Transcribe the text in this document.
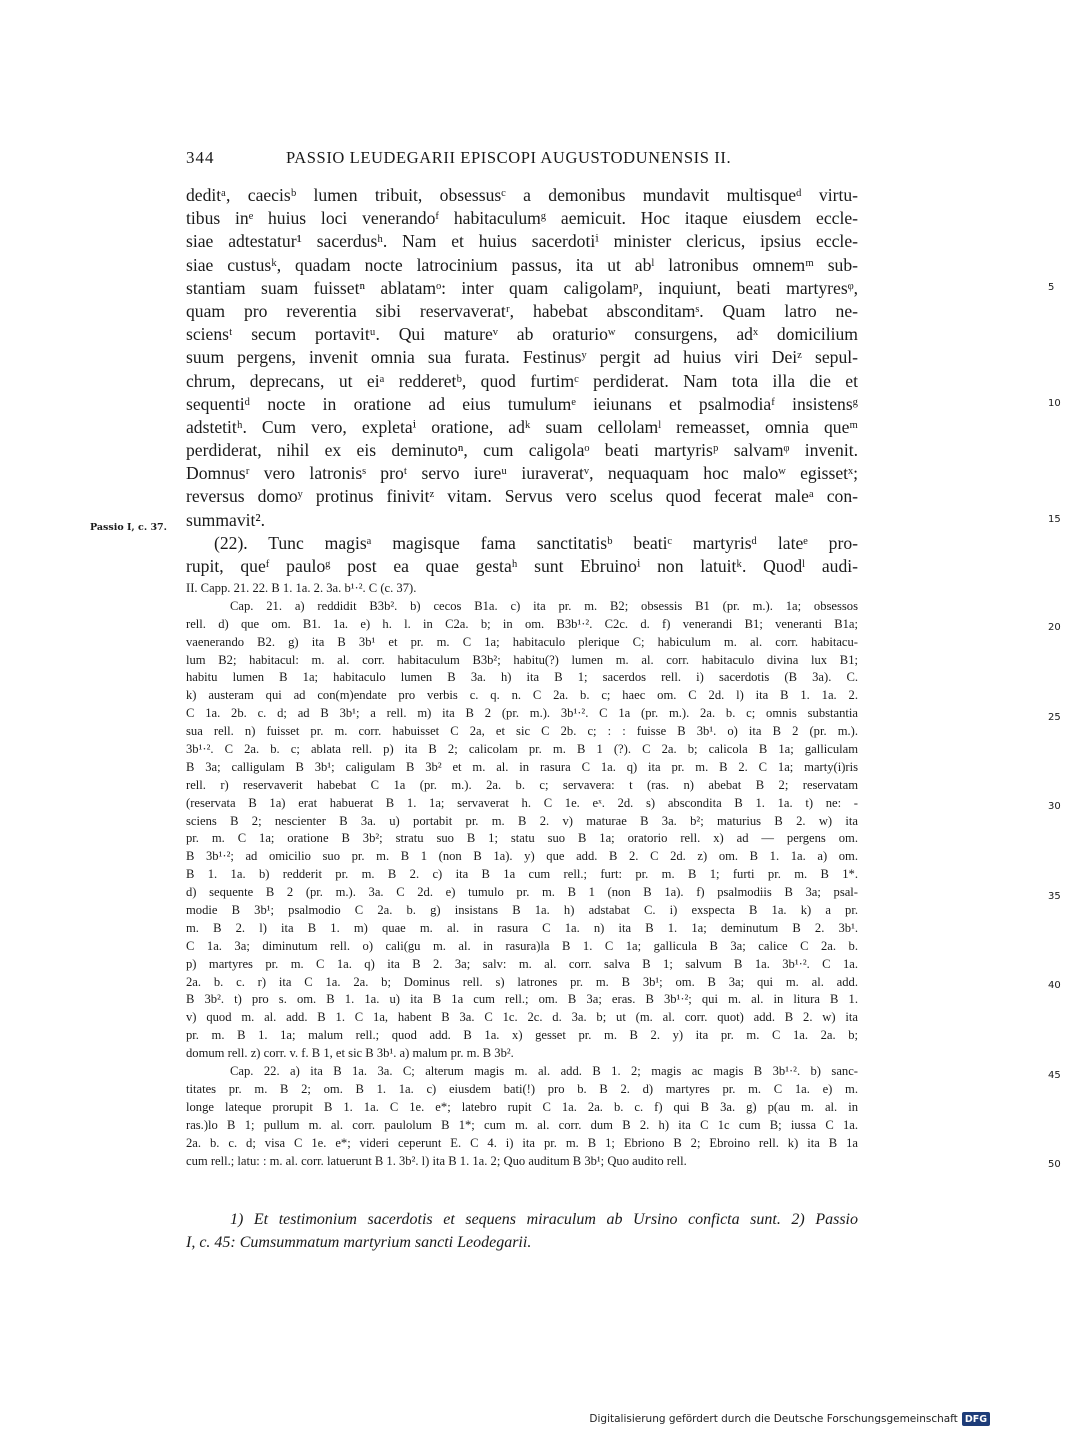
344	PASSIO LEUDEGARII EPISCOPI AUGUSTODUNENSIS II.
Passio I, c. 37.
5
10
15
deditᵃ, caecisᵇ lumen tribuit, obsessusᶜ a demonibus mundavit multisqueᵈ virtu-
tibus inᵉ huius loci venerandoᶠ habitaculumᵍ aemicuit. Hoc itaque eiusdem eccle-
siae adtestatur¹ sacerdusʰ. Nam et huius sacerdotiⁱ minister clericus, ipsius eccle-
siae custusᵏ, quadam nocte latrocinium passus, ita ut abˡ latronibus omnemᵐ sub-
stantiam suam fuissetⁿ ablatamᵒ: inter quam caligolamᵖ, inquiunt, beati martyresᵠ,
quam pro reverentia sibi reservaveratʳ, habebat absconditamˢ. Quam latro ne-
sciensᵗ secum portavitᵘ. Qui matureᵛ ab oraturioʷ consurgens, adˣ domicilium
suum pergens, invenit omnia sua furata. Festinusʸ pergit ad huius viri Deiᶻ sepul-
chrum, deprecans, ut eiᵃ redderetᵇ, quod furtimᶜ perdiderat. Nam tota illa die et
sequentiᵈ nocte in oratione ad eius tumulumᵉ ieiunans et psalmodiaᶠ insistensᵍ
adstetitʰ. Cum vero, expletaⁱ oratione, adᵏ suam cellolamˡ remeasset, omnia queᵐ
perdiderat, nihil ex eis deminutoⁿ, cum caligolaᵒ beati martyrisᵖ salvamᵠ invenit.
Domnusʳ vero latronisˢ proᵗ servo iureᵘ iuraveratᵛ, nequaquam hoc maloʷ egissetˣ;
reversus domoʸ protinus finivitᶻ vitam. Servus vero scelus quod fecerat maleᵃ con-
summavit².
(22). Tunc magisᵃ magisque fama sanctitatisᵇ beatiᶜ martyrisᵈ lateᵉ pro-
rupit, queᶠ pauloᵍ post ea quae gestaʰ sunt Ebruinoⁱ non latuitᵏ. Quodˡ audi-
20
25
30
35
40
45
50
II. Capp. 21. 22. B 1. 1a. 2. 3a. b¹·². C (c. 37).
Cap. 21. a) reddidit B3b². b) cecos B1a. c) ita pr. m. B2; obsessis B1 (pr. m.). 1a; obsessos
rell. d) que om. B1. 1a. e) h. l. in C2a. b; in om. B3b¹·². C2c. d. f) venerandi B1; veneranti B1a;
vaenerando B2. g) ita B 3b¹ et pr. m. C 1a; habitaculo plerique C; habiculum m. al. corr. habitacu-
lum B2; habitacul: m. al. corr. habitaculum B3b²; habitu(?) lumen m. al. corr. habitaculo divina lux B1;
habitu lumen B 1a; habitaculo lumen B 3a. h) ita B 1; sacerdos rell. i) sacerdotis (B 3a). C.
k) austeram qui ad con(m)endate pro verbis c. q. n. C 2a. b. c; haec om. C 2d. l) ita B 1. 1a. 2.
C 1a. 2b. c. d; ad B 3b¹; a rell. m) ita B 2 (pr. m.). 3b¹·². C 1a (pr. m.). 2a. b. c; omnis substantia
sua rell. n) fuisset pr. m. corr. habuisset C 2a, et sic C 2b. c; : : fuisse B 3b¹. o) ita B 2 (pr. m.).
3b¹·². C 2a. b. c; ablata rell. p) ita B 2; calicolam pr. m. B 1 (?). C 2a. b; calicola B 1a; galliculam
B 3a; calligulam B 3b¹; caligulam B 3b² et m. al. in rasura C 1a. q) ita pr. m. B 2. C 1a; marty(i)ris
rell. r) reservaverit habebat C 1a (pr. m.). 2a. b. c; servavera: t (ras. n) abebat B 2; reservatam
(reservata B 1a) erat habuerat B 1. 1a; servaverat h. C 1e. eˣ. 2d. s) abscondita B 1. 1a. t) ne: -
sciens B 2; nescienter B 3a. u) portabit pr. m. B 2. v) maturae B 3a. b²; maturius B 2. w) ita
pr. m. C 1a; oratione B 3b²; stratu suo B 1; statu suo B 1a; oratorio rell. x) ad — pergens om.
B 3b¹·²; ad omicilio suo pr. m. B 1 (non B 1a). y) que add. B 2. C 2d. z) om. B 1. 1a. a) om.
B 1. 1a. b) redderit pr. m. B 2. c) ita B 1a cum rell.; furt: pr. m. B 1; furti pr. m. B 1*.
d) sequente B 2 (pr. m.). 3a. C 2d. e) tumulo pr. m. B 1 (non B 1a). f) psalmodiis B 3a; psal-
modie B 3b¹; psalmodio C 2a. b. g) insistans B 1a. h) adstabat C. i) exspecta B 1a. k) a pr.
m. B 2. l) ita B 1. m) quae m. al. in rasura C 1a. n) ita B 1. 1a; deminutum B 2. 3b¹.
C 1a. 3a; diminutum rell. o) cali(gu m. al. in rasura)la B 1. C 1a; gallicula B 3a; calice C 2a. b.
p) martyres pr. m. C 1a. q) ita B 2. 3a; salv: m. al. corr. salva B 1; salvum B 1a. 3b¹·². C 1a.
2a. b. c. r) ita C 1a. 2a. b; Dominus rell. s) latrones pr. m. B 3b¹; om. B 3a; qui m. al. add.
B 3b². t) pro s. om. B 1. 1a. u) ita B 1a cum rell.; om. B 3a; eras. B 3b¹·²; qui m. al. in litura B 1.
v) quod m. al. add. B 1. C 1a, habent B 3a. C 1c. 2c. d. 3a. b; ut (m. al. corr. quot) add. B 2. w) ita
pr. m. B 1. 1a; malum rell.; quod add. B 1a. x) gesset pr. m. B 2. y) ita pr. m. C 1a. 2a. b;
domum rell. z) corr. v. f. B 1, et sic B 3b¹. a) malum pr. m. B 3b².
Cap. 22. a) ita B 1a. 3a. C; alterum magis m. al. add. B 1. 2; magis ac magis B 3b¹·². b) sanc-
titates pr. m. B 2; om. B 1. 1a. c) eiusdem bati(!) pro b. B 2. d) martyres pr. m. C 1a. e) m.
longe lateque prorupit B 1. 1a. C 1e. e*; latebro rupit C 1a. 2a. b. c. f) qui B 3a. g) p(au m. al. in
ras.)lo B 1; pullum m. al. corr. paulolum B 1*; cum m. al. corr. dum B 2. h) ita C 1c cum B; iussa C 1a.
2a. b. c. d; visa C 1e. e*; videri ceperunt E. C 4. i) ita pr. m. B 1; Ebriono B 2; Ebroino rell. k) ita B 1a
cum rell.; latu: : m. al. corr. latuerunt B 1. 3b². l) ita B 1. 1a. 2; Quo auditum B 3b¹; Quo audito rell.
1) Et testimonium sacerdotis et sequens miraculum ab Ursino conficta sunt. 2) Passio
I, c. 45: Cumsummatum martyrium sancti Leodegarii.
Digitalisierung gefördert durch die Deutsche Forschungsgemeinschaft DFG
